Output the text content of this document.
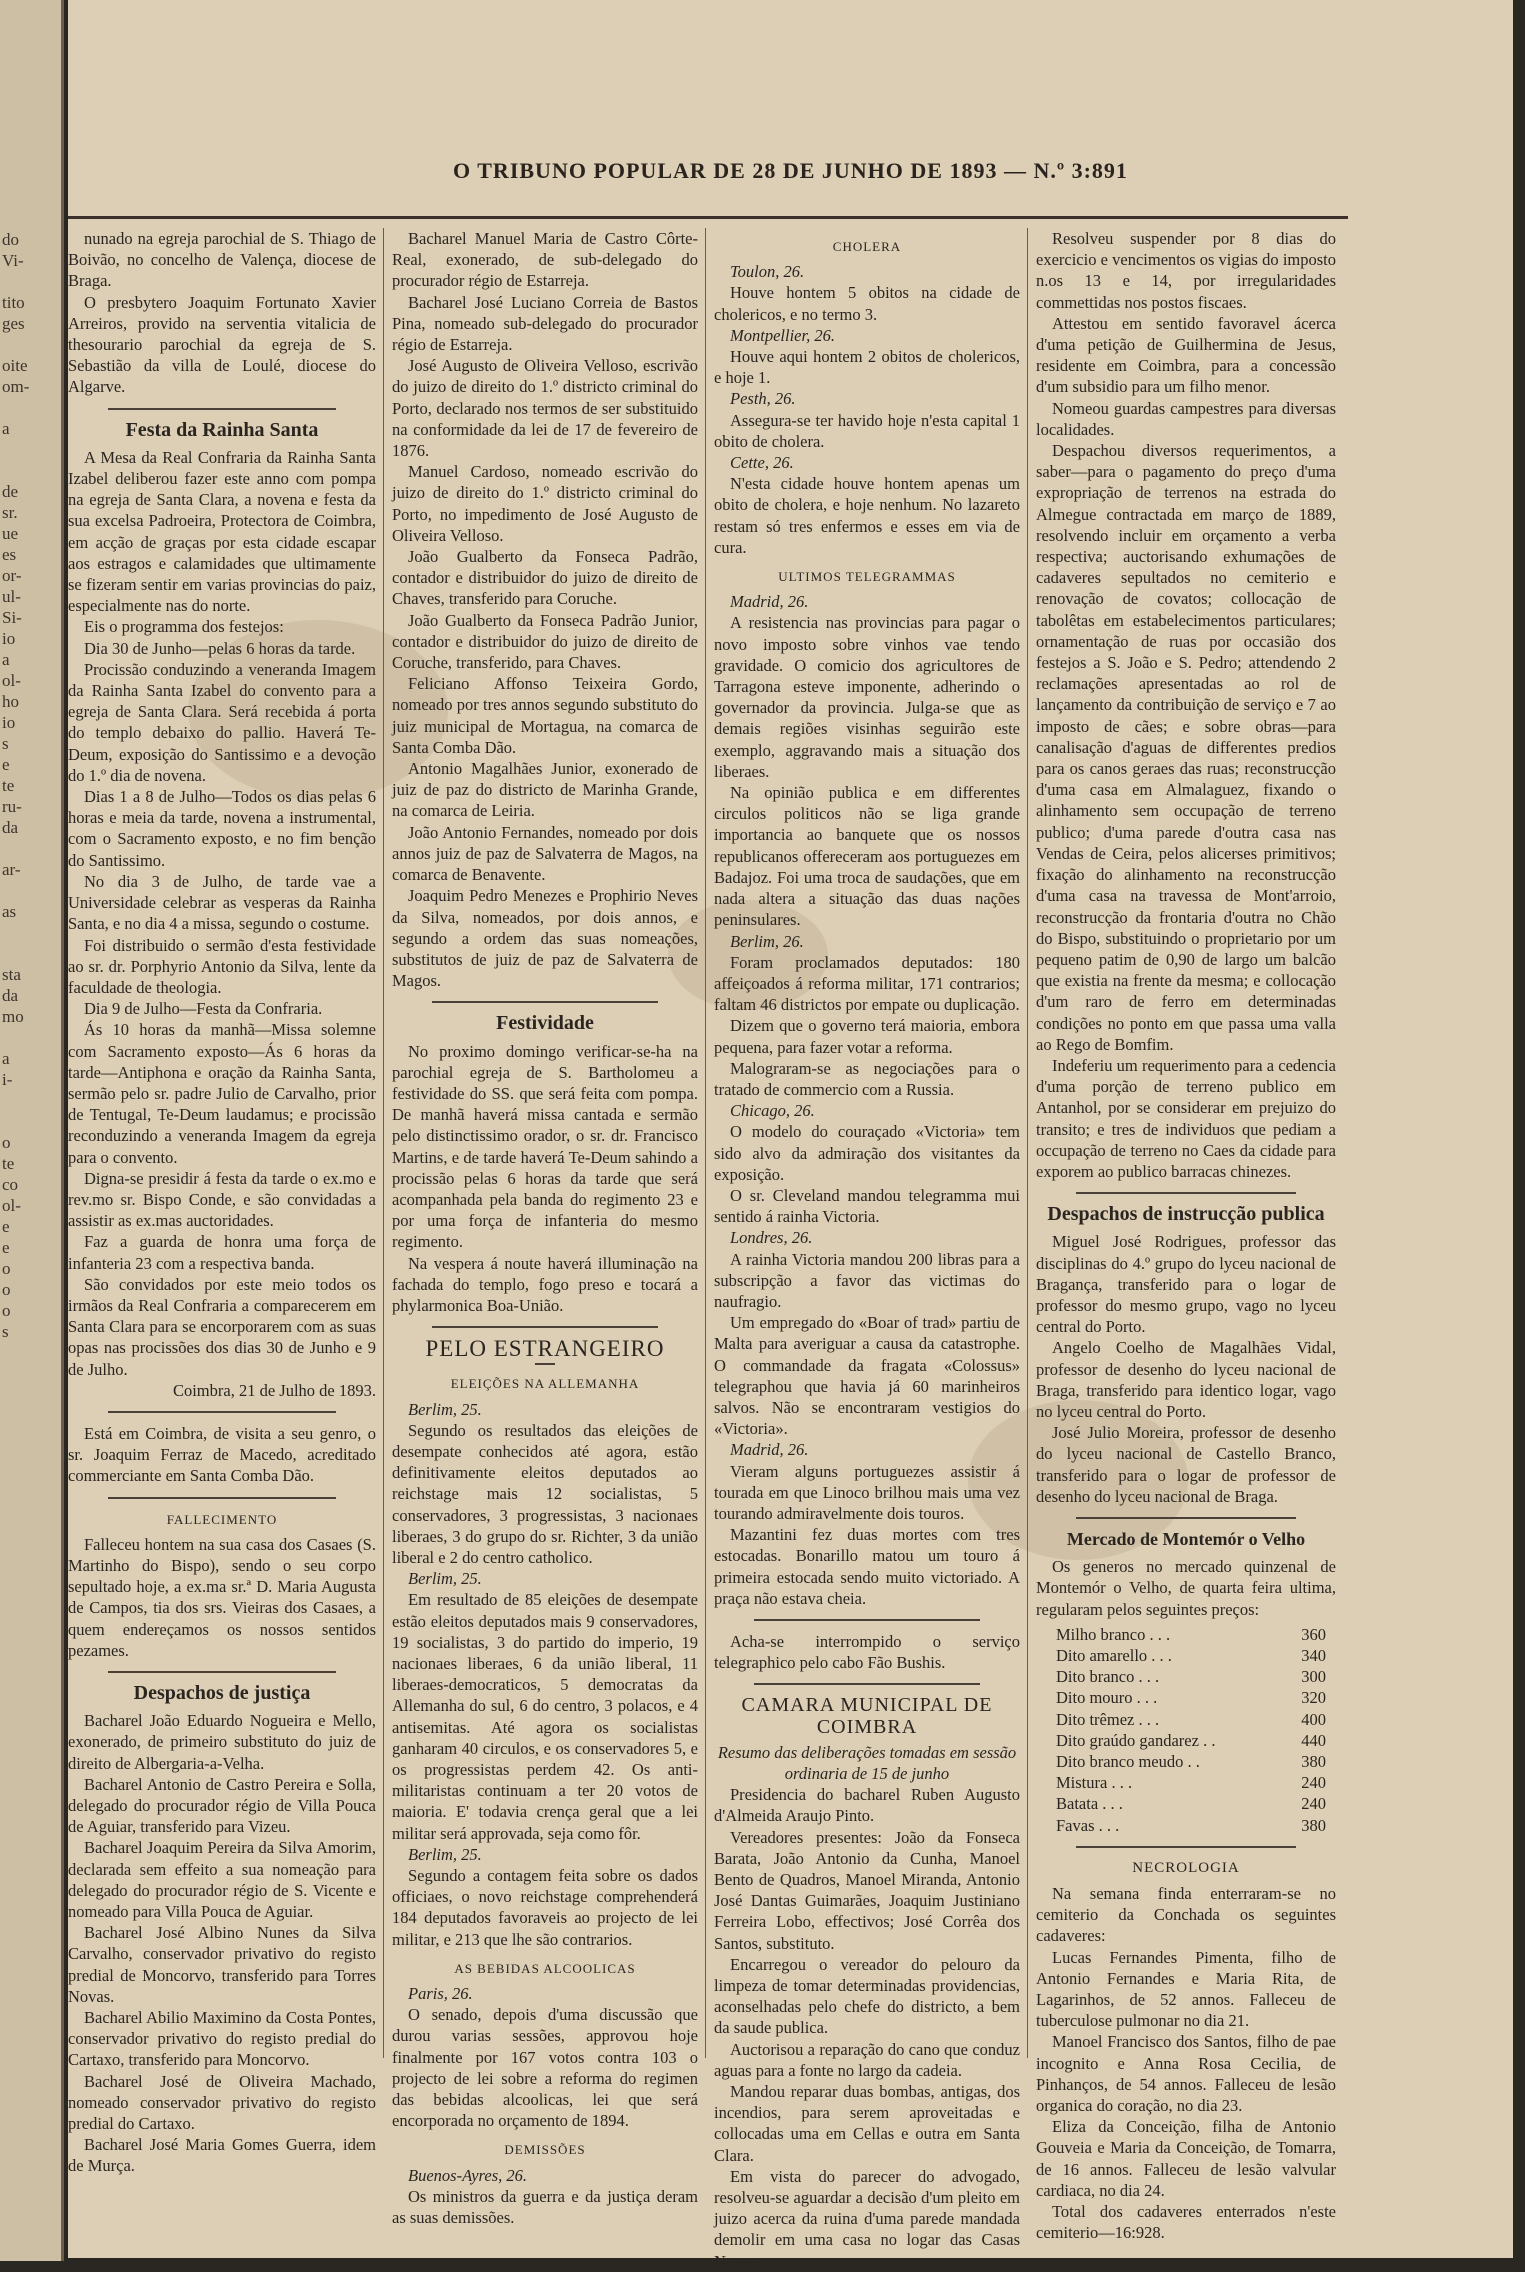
do
Vi-
tito
ges
oite
om-
a
de
sr.
ue
es
or-
ul-
Si-
io
a
ol-
ho
io
s
e
te
ru-
da
ar-
as
sta
da
mo
a
i-
o
te
co
ol-
e
e
o
o
o
s
O TRIBUNO POPULAR DE 28 DE JUNHO DE 1893 — N.º 3:891

nunado na egreja parochial de S. Thiago de Boivão, no concelho de Valença, diocese de Braga.

O presbytero Joaquim Fortunato Xavier Arreiros, provido na serventia vitalicia de thesourario parochial da egreja de S. Sebastião da villa de Loulé, diocese do Algarve.

Festa da Rainha Santa

A Mesa da Real Confraria da Rainha Santa Izabel deliberou fazer este anno com pompa na egreja de Santa Clara, a novena e festa da sua excelsa Padroeira, Protectora de Coimbra, em acção de graças por esta cidade escapar aos estragos e calamidades que ultimamente se fizeram sentir em varias provincias do paiz, especialmente nas do norte.

Eis o programma dos festejos:

Dia 30 de Junho—pelas 6 horas da tarde.

Procissão conduzindo a veneranda Imagem da Rainha Santa Izabel do convento para a egreja de Santa Clara. Será recebida á porta do templo debaixo do pallio. Haverá Te-Deum, exposição do Santissimo e a devoção do 1.º dia de novena.

Dias 1 a 8 de Julho—Todos os dias pelas 6 horas e meia da tarde, novena a instrumental, com o Sacramento exposto, e no fim benção do Santissimo.

No dia 3 de Julho, de tarde vae a Universidade celebrar as vesperas da Rainha Santa, e no dia 4 a missa, segundo o costume.

Foi distribuido o sermão d'esta festividade ao sr. dr. Porphyrio Antonio da Silva, lente da faculdade de theologia.

Dia 9 de Julho—Festa da Confraria.

Ás 10 horas da manhã—Missa solemne com Sacramento exposto—Ás 6 horas da tarde—Antiphona e oração da Rainha Santa, sermão pelo sr. padre Julio de Carvalho, prior de Tentugal, Te-Deum laudamus; e procissão reconduzindo a veneranda Imagem da egreja para o convento.

Digna-se presidir á festa da tarde o ex.mo e rev.mo sr. Bispo Conde, e são convidadas a assistir as ex.mas auctoridades.

Faz a guarda de honra uma força de infanteria 23 com a respectiva banda.

São convidados por este meio todos os irmãos da Real Confraria a comparecerem em Santa Clara para se encorporarem com as suas opas nas procissões dos dias 30 de Junho e 9 de Julho.

Coimbra, 21 de Julho de 1893.

Está em Coimbra, de visita a seu genro, o sr. Joaquim Ferraz de Macedo, acreditado commerciante em Santa Comba Dão.

FALLECIMENTO

Falleceu hontem na sua casa dos Casaes (S. Martinho do Bispo), sendo o seu corpo sepultado hoje, a ex.ma sr.ª D. Maria Augusta de Campos, tia dos srs. Vieiras dos Casaes, a quem endereçamos os nossos sentidos pezames.

Despachos de justiça

Bacharel João Eduardo Nogueira e Mello, exonerado, de primeiro substituto do juiz de direito de Albergaria-a-Velha.

Bacharel Antonio de Castro Pereira e Solla, delegado do procurador régio de Villa Pouca de Aguiar, transferido para Vizeu.

Bacharel Joaquim Pereira da Silva Amorim, declarada sem effeito a sua nomeação para delegado do procurador régio de S. Vicente e nomeado para Villa Pouca de Aguiar.

Bacharel José Albino Nunes da Silva Carvalho, conservador privativo do registo predial de Moncorvo, transferido para Torres Novas.

Bacharel Abilio Maximino da Costa Pontes, conservador privativo do registo predial do Cartaxo, transferido para Moncorvo.

Bacharel José de Oliveira Machado, nomeado conservador privativo do registo predial do Cartaxo.

Bacharel José Maria Gomes Guerra, idem de Murça.

Bacharel Manuel Maria de Castro Côrte-Real, exonerado, de sub-delegado do procurador régio de Estarreja.

Bacharel José Luciano Correia de Bastos Pina, nomeado sub-delegado do procurador régio de Estarreja.

José Augusto de Oliveira Velloso, escrivão do juizo de direito do 1.º districto criminal do Porto, declarado nos termos de ser substituido na conformidade da lei de 17 de fevereiro de 1876.

Manuel Cardoso, nomeado escrivão do juizo de direito do 1.º districto criminal do Porto, no impedimento de José Augusto de Oliveira Velloso.

João Gualberto da Fonseca Padrão, contador e distribuidor do juizo de direito de Chaves, transferido para Coruche.

João Gualberto da Fonseca Padrão Junior, contador e distribuidor do juizo de direito de Coruche, transferido, para Chaves.

Feliciano Affonso Teixeira Gordo, nomeado por tres annos segundo substituto do juiz municipal de Mortagua, na comarca de Santa Comba Dão.

Antonio Magalhães Junior, exonerado de juiz de paz do districto de Marinha Grande, na comarca de Leiria.

João Antonio Fernandes, nomeado por dois annos juiz de paz de Salvaterra de Magos, na comarca de Benavente.

Joaquim Pedro Menezes e Prophirio Neves da Silva, nomeados, por dois annos, e segundo a ordem das suas nomeações, substitutos de juiz de paz de Salvaterra de Magos.

Festividade

No proximo domingo verificar-se-ha na parochial egreja de S. Bartholomeu a festividade do SS. que será feita com pompa. De manhã haverá missa cantada e sermão pelo distinctissimo orador, o sr. dr. Francisco Martins, e de tarde haverá Te-Deum sahindo a procissão pelas 6 horas da tarde que será acompanhada pela banda do regimento 23 e por uma força de infanteria do mesmo regimento.

Na vespera á noute haverá illuminação na fachada do templo, fogo preso e tocará a phylarmonica Boa-União.

PELO ESTRANGEIRO
ELEIÇÕES NA ALLEMANHA

Berlim, 25.

Segundo os resultados das eleições de desempate conhecidos até agora, estão definitivamente eleitos deputados ao reichstage mais 12 socialistas, 5 conservadores, 3 progressistas, 3 nacionaes liberaes, 3 do grupo do sr. Richter, 3 da união liberal e 2 do centro catholico.

Berlim, 25.

Em resultado de 85 eleições de desempate estão eleitos deputados mais 9 conservadores, 19 socialistas, 3 do partido do imperio, 19 nacionaes liberaes, 6 da união liberal, 11 liberaes-democraticos, 5 democratas da Allemanha do sul, 6 do centro, 3 polacos, e 4 antisemitas. Até agora os socialistas ganharam 40 circulos, e os conservadores 5, e os progressistas perdem 42. Os anti-militaristas continuam a ter 20 votos de maioria. E' todavia crença geral que a lei militar será approvada, seja como fôr.

Berlim, 25.

Segundo a contagem feita sobre os dados officiaes, o novo reichstage comprehenderá 184 deputados favoraveis ao projecto de lei militar, e 213 que lhe são contrarios.

AS BEBIDAS ALCOOLICAS

Paris, 26.

O senado, depois d'uma discussão que durou varias sessões, approvou hoje finalmente por 167 votos contra 103 o projecto de lei sobre a reforma do regimen das bebidas alcoolicas, lei que será encorporada no orçamento de 1894.

DEMISSÕES

Buenos-Ayres, 26.

Os ministros da guerra e da justiça deram as suas demissões.

CHOLERA

Toulon, 26.

Houve hontem 5 obitos na cidade de cholericos, e no termo 3.

Montpellier, 26.

Houve aqui hontem 2 obitos de cholericos, e hoje 1.

Pesth, 26.

Assegura-se ter havido hoje n'esta capital 1 obito de cholera.

Cette, 26.

N'esta cidade houve hontem apenas um obito de cholera, e hoje nenhum. No lazareto restam só tres enfermos e esses em via de cura.

ULTIMOS TELEGRAMMAS

Madrid, 26.

A resistencia nas provincias para pagar o novo imposto sobre vinhos vae tendo gravidade. O comicio dos agricultores de Tarragona esteve imponente, adherindo o governador da provincia. Julga-se que as demais regiões visinhas seguirão este exemplo, aggravando mais a situação dos liberaes.

Na opinião publica e em differentes circulos politicos não se liga grande importancia ao banquete que os nossos republicanos offereceram aos portuguezes em Badajoz. Foi uma troca de saudações, que em nada altera a situação das duas nações peninsulares.

Berlim, 26.

Foram proclamados deputados: 180 affeiçoados á reforma militar, 171 contrarios; faltam 46 districtos por empate ou duplicação.

Dizem que o governo terá maioria, embora pequena, para fazer votar a reforma.

Malograram-se as negociações para o tratado de commercio com a Russia.

Chicago, 26.

O modelo do couraçado «Victoria» tem sido alvo da admiração dos visitantes da exposição.

O sr. Cleveland mandou telegramma mui sentido á rainha Victoria.

Londres, 26.

A rainha Victoria mandou 200 libras para a subscripção a favor das victimas do naufragio.

Um empregado do «Boar of trad» partiu de Malta para averiguar a causa da catastrophe. O commandade da fragata «Colossus» telegraphou que havia já 60 marinheiros salvos. Não se encontraram vestigios do «Victoria».

Madrid, 26.

Vieram alguns portuguezes assistir á tourada em que Linoco brilhou mais uma vez tourando admiravelmente dois touros.

Mazantini fez duas mortes com tres estocadas. Bonarillo matou um touro á primeira estocada sendo muito victoriado. A praça não estava cheia.

Acha-se interrompido o serviço telegraphico pelo cabo Fão Bushis.

CAMARA MUNICIPAL DE COIMBRA

Resumo das deliberações tomadas em sessão ordinaria de 15 de junho

Presidencia do bacharel Ruben Augusto d'Almeida Araujo Pinto.

Vereadores presentes: João da Fonseca Barata, João Antonio da Cunha, Manoel Bento de Quadros, Manoel Miranda, Antonio José Dantas Guimarães, Joaquim Justiniano Ferreira Lobo, effectivos; José Corrêa dos Santos, substituto.

Encarregou o vereador do pelouro da limpeza de tomar determinadas providencias, aconselhadas pelo chefe do districto, a bem da saude publica.

Auctorisou a reparação do cano que conduz aguas para a fonte no largo da cadeia.

Mandou reparar duas bombas, antigas, dos incendios, para serem aproveitadas e collocadas uma em Cellas e outra em Santa Clara.

Em vista do parecer do advogado, resolveu-se aguardar a decisão d'um pleito em juizo acerca da ruina d'uma parede mandada demolir em uma casa no logar das Casas Novas.

Resolveu suspender por 8 dias do exercicio e vencimentos os vigias do imposto n.os 13 e 14, por irregularidades commettidas nos postos fiscaes.

Attestou em sentido favoravel ácerca d'uma petição de Guilhermina de Jesus, residente em Coimbra, para a concessão d'um subsidio para um filho menor.

Nomeou guardas campestres para diversas localidades.

Despachou diversos requerimentos, a saber—para o pagamento do preço d'uma expropriação de terrenos na estrada do Almegue contractada em março de 1889, resolvendo incluir em orçamento a verba respectiva; auctorisando exhumações de cadaveres sepultados no cemiterio e renovação de covatos; collocação de tabolêtas em estabelecimentos particulares; ornamentação de ruas por occasião dos festejos a S. João e S. Pedro; attendendo 2 reclamações apresentadas ao rol de lançamento da contribuição de serviço e 7 ao imposto de cães; e sobre obras—para canalisação d'aguas de differentes predios para os canos geraes das ruas; reconstrucção d'uma casa em Almalaguez, fixando o alinhamento sem occupação de terreno publico; d'uma parede d'outra casa nas Vendas de Ceira, pelos alicerses primitivos; fixação do alinhamento na reconstrucção d'uma casa na travessa de Mont'arroio, reconstrucção da frontaria d'outra no Chão do Bispo, substituindo o proprietario por um pequeno patim de 0,90 de largo um balcão que existia na frente da mesma; e collocação d'um raro de ferro em determinadas condições no ponto em que passa uma valla ao Rego de Bomfim.

Indeferiu um requerimento para a cedencia d'uma porção de terreno publico em Antanhol, por se considerar em prejuizo do transito; e tres de individuos que pediam a occupação de terreno no Caes da cidade para exporem ao publico barracas chinezes.

Despachos de instrucção publica

Miguel José Rodrigues, professor das disciplinas do 4.º grupo do lyceu nacional de Bragança, transferido para o logar de professor do mesmo grupo, vago no lyceu central do Porto.

Angelo Coelho de Magalhães Vidal, professor de desenho do lyceu nacional de Braga, transferido para identico logar, vago no lyceu central do Porto.

José Julio Moreira, professor de desenho do lyceu nacional de Castello Branco, transferido para o logar de professor de desenho do lyceu nacional de Braga.

Mercado de Montemór o Velho

Os generos no mercado quinzenal de Montemór o Velho, de quarta feira ultima, regularam pelos seguintes preços:

Milho branco . . .	360
Dito amarello . . .	340
Dito branco . . .	300
Dito mouro . . .	320
Dito trêmez . . .	400
Dito graúdo gandarez . .	440
Dito branco meudo . .	380
Mistura . . .	240
Batata . . .	240
Favas . . .	380
NECROLOGIA

Na semana finda enterraram-se no cemiterio da Conchada os seguintes cadaveres:

Lucas Fernandes Pimenta, filho de Antonio Fernandes e Maria Rita, de Lagarinhos, de 52 annos. Falleceu de tuberculose pulmonar no dia 21.

Manoel Francisco dos Santos, filho de pae incognito e Anna Rosa Cecilia, de Pinhanços, de 54 annos. Falleceu de lesão organica do coração, no dia 23.

Eliza da Conceição, filha de Antonio Gouveia e Maria da Conceição, de Tomarra, de 16 annos. Falleceu de lesão valvular cardiaca, no dia 24.

Total dos cadaveres enterrados n'este cemiterio—16:928.
